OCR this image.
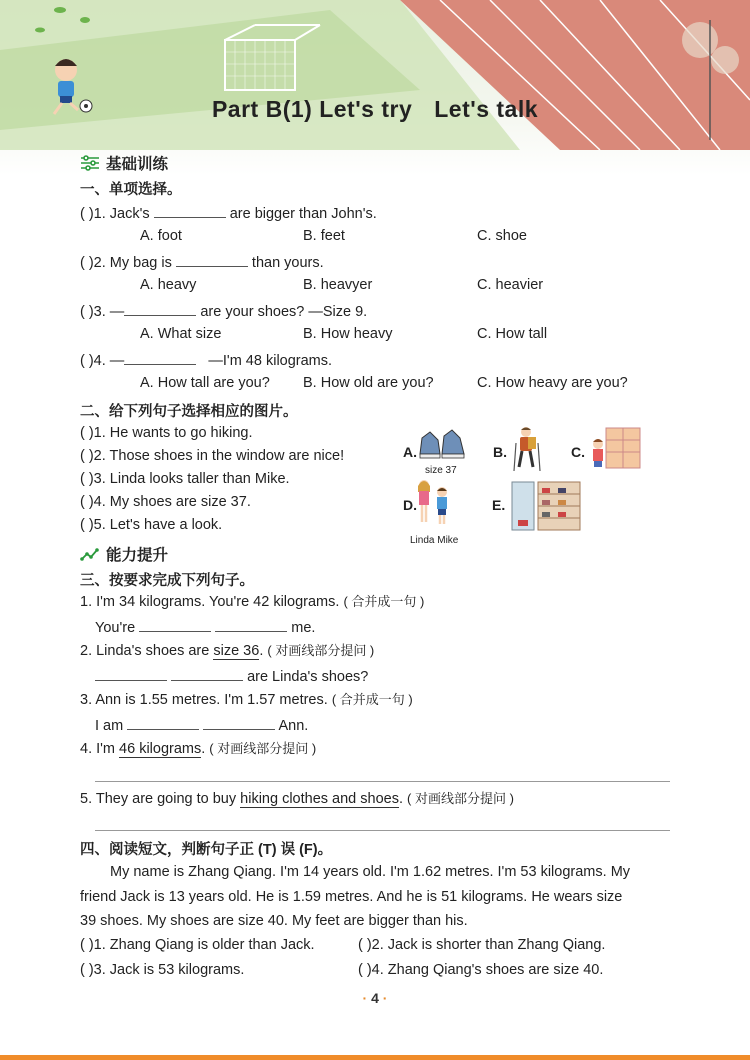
Part B(1) Let's try Let's talk
基础训练
一、单项选择。
( )1. Jack's	are bigger than John's.
A. foot	B. feet	C. shoe
( )2. My bag is	than yours.
A. heavy	B. heavyer	C. heavier
( )3. —	are your shoes? —Size 9.
A. What size	B. How heavy	C. How tall
( )4. —	—I'm 48 kilograms.
A. How tall are you? B. How old are you?	C. How heavy are you?
二、给下列句子选择相应的图片。
( )1. He wants to go hiking.
( )2. Those shoes in the window are nice!
( )3. Linda looks taller than Mike.
( )4. My shoes are size 37.
( )5. Let's have a look.
A.
size 37
B.	C.
D.
Linda Mike
E.
能力提升
三、按要求完成下列句子。
1. I'm 34 kilograms. You're 42 kilograms. ( 合并成一句 )
You're	me.
2. Linda's shoes are size 36. ( 对画线部分提问 )
are Linda's shoes?
3. Ann is 1.55 metres. I'm 1.57 metres. ( 合并成一句 )
I am	Ann.
4. I'm 46 kilograms. ( 对画线部分提问 )
5. They are going to buy hiking clothes and shoes. ( 对画线部分提问 )
四、阅读短文，判断句子正 (T) 误 (F)。
My name is Zhang Qiang. I'm 14 years old. I'm 1.62 metres. I'm 53 kilograms. My
friend Jack is 13 years old. He is 1.59 metres. And he is 51 kilograms. He wears size
39 shoes. My shoes are size 40. My feet are bigger than his.
( )1. Zhang Qiang is older than Jack.	( )2. Jack is shorter than Zhang Qiang.
( )3. Jack is 53 kilograms.	( )4. Zhang Qiang's shoes are size 40.
· 4 ·
